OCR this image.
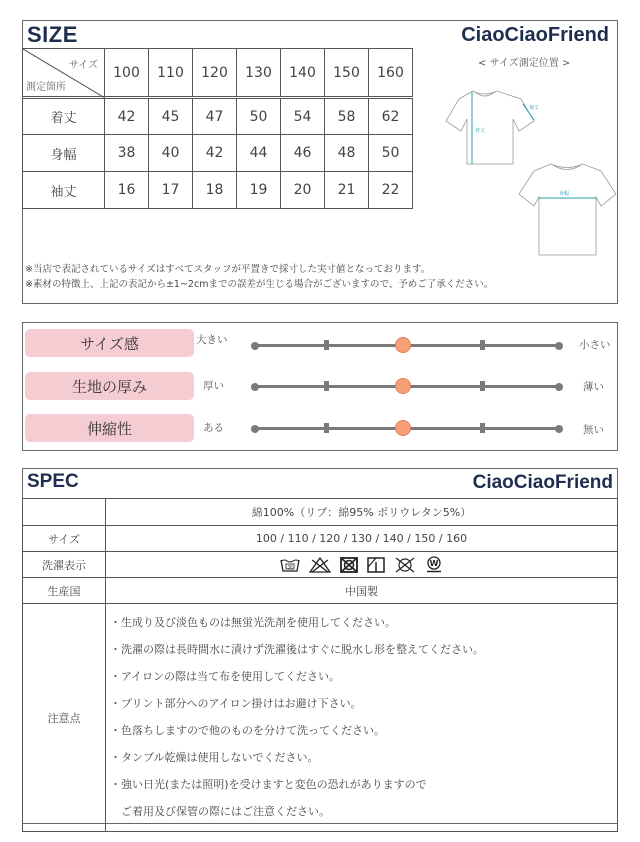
SIZE	CiaoCiaoFriend
サイズ
測定箇所	100	110	120	130	140	150	160
着丈	42	45	47	50	54	58	62
身幅	38	40	42	44	46	48	50
袖丈	16	17	18	19	20	21	22
< サイズ測定位置 >
着丈
袖丈
身幅
※当店で表記されているサイズはすべてスタッフが平置きで採寸した実寸値となっております。
※素材の特徴上、上記の表記から±1~2cmまでの誤差が生じる場合がございますので、予めご了承ください。
サイズ感	大きい	小さい
生地の厚み	厚い	薄い
伸縮性	ある	無い
SPEC	CiaoCiaoFriend
	綿100%（リブ：綿95% ポリウレタン5%）
サイズ	100 / 110 / 120 / 130 / 140 / 150 / 160
洗濯表示	30 W

生産国	中国製
注意点	
・生成り及び淡色ものは無蛍光洗剤を使用してください。
・洗濯の際は長時間水に漬けず洗濯後はすぐに脱水し形を整えてください。
・アイロンの際は当て布を使用してください。
・プリント部分へのアイロン掛けはお避け下さい。
・色落ちしますので他のものを分けて洗ってください。
・タンブル乾燥は使用しないでください。
・強い日光(または照明)を受けますと変色の恐れがありますので
　ご着用及び保管の際にはご注意ください。
